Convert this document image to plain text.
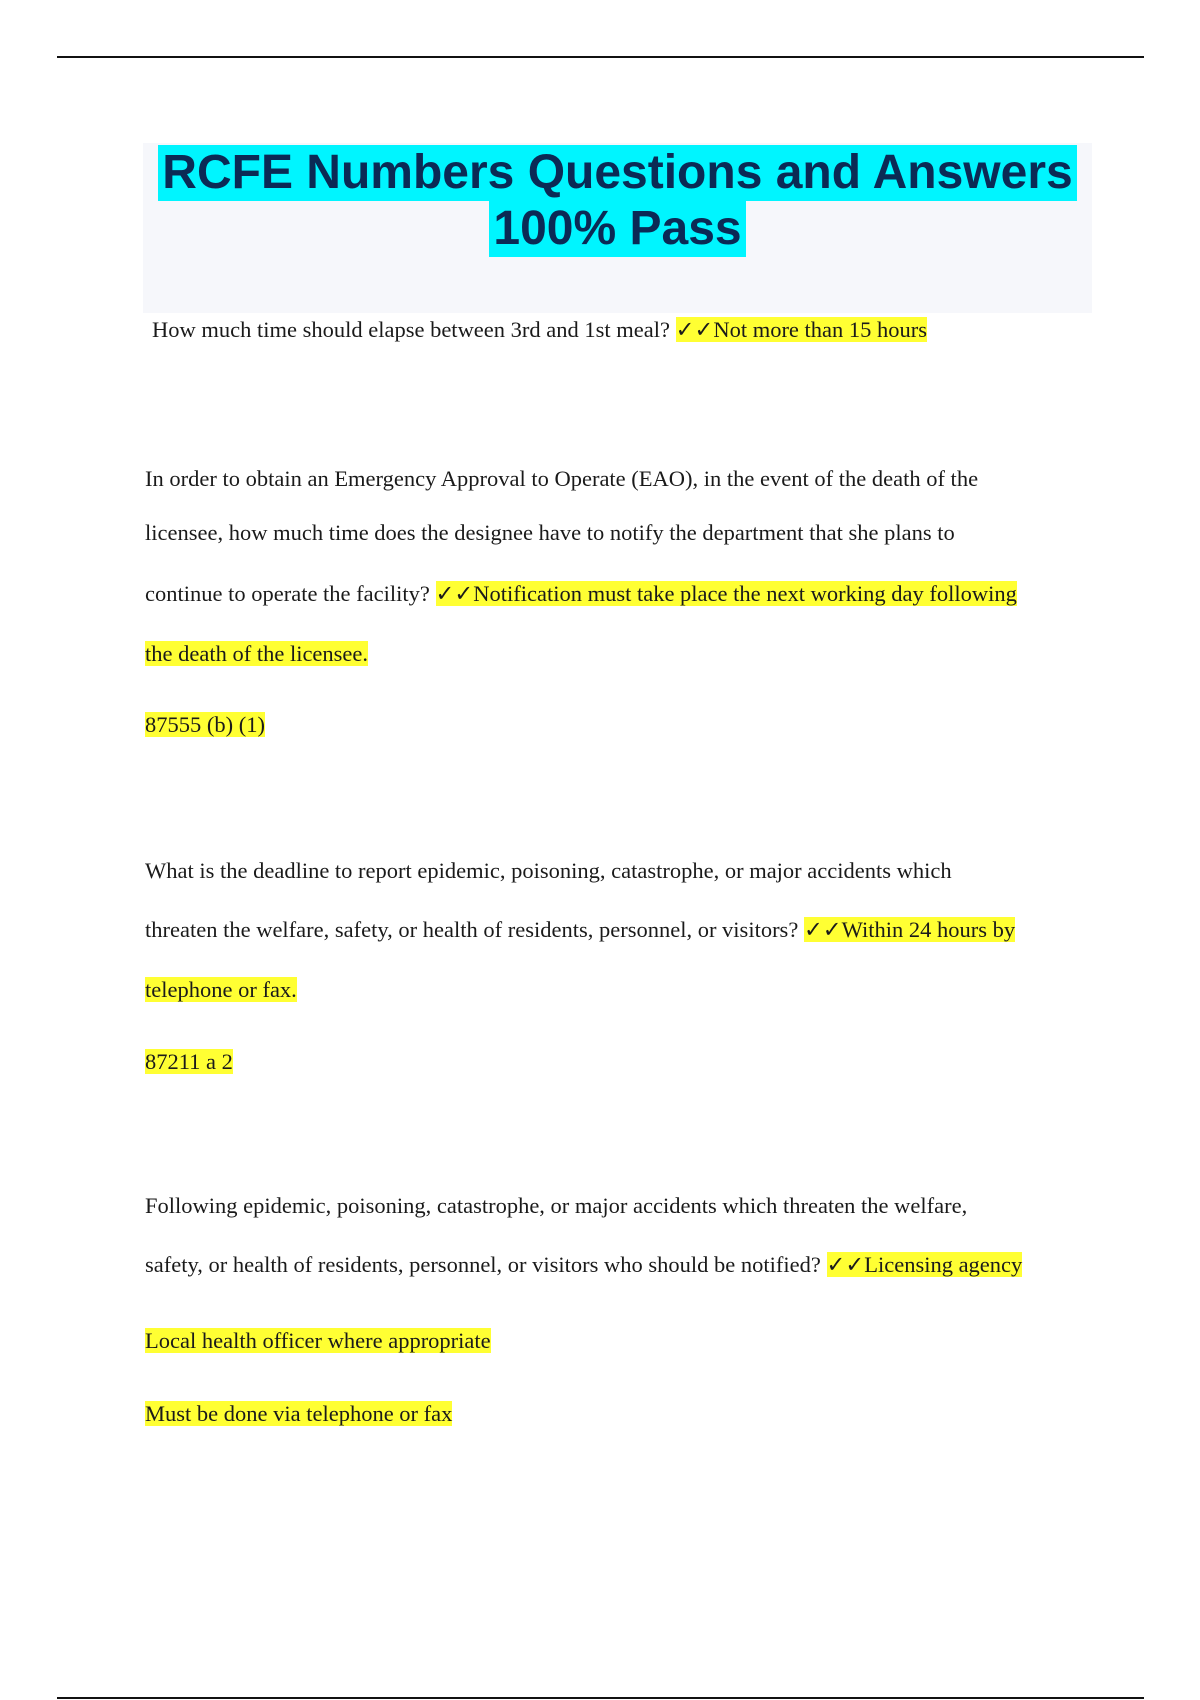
RCFE Numbers Questions and Answers
100% Pass
How much time should elapse between 3rd and 1st meal? ✓✓Not more than 15 hours
In order to obtain an Emergency Approval to Operate (EAO), in the event of the death of the
licensee, how much time does the designee have to notify the department that she plans to
continue to operate the facility? ✓✓Notification must take place the next working day following
the death of the licensee.
87555 (b) (1)
What is the deadline to report epidemic, poisoning, catastrophe, or major accidents which
threaten the welfare, safety, or health of residents, personnel, or visitors? ✓✓Within 24 hours by
telephone or fax.
87211 a 2
Following epidemic, poisoning, catastrophe, or major accidents which threaten the welfare,
safety, or health of residents, personnel, or visitors who should be notified? ✓✓Licensing agency
Local health officer where appropriate
Must be done via telephone or fax
